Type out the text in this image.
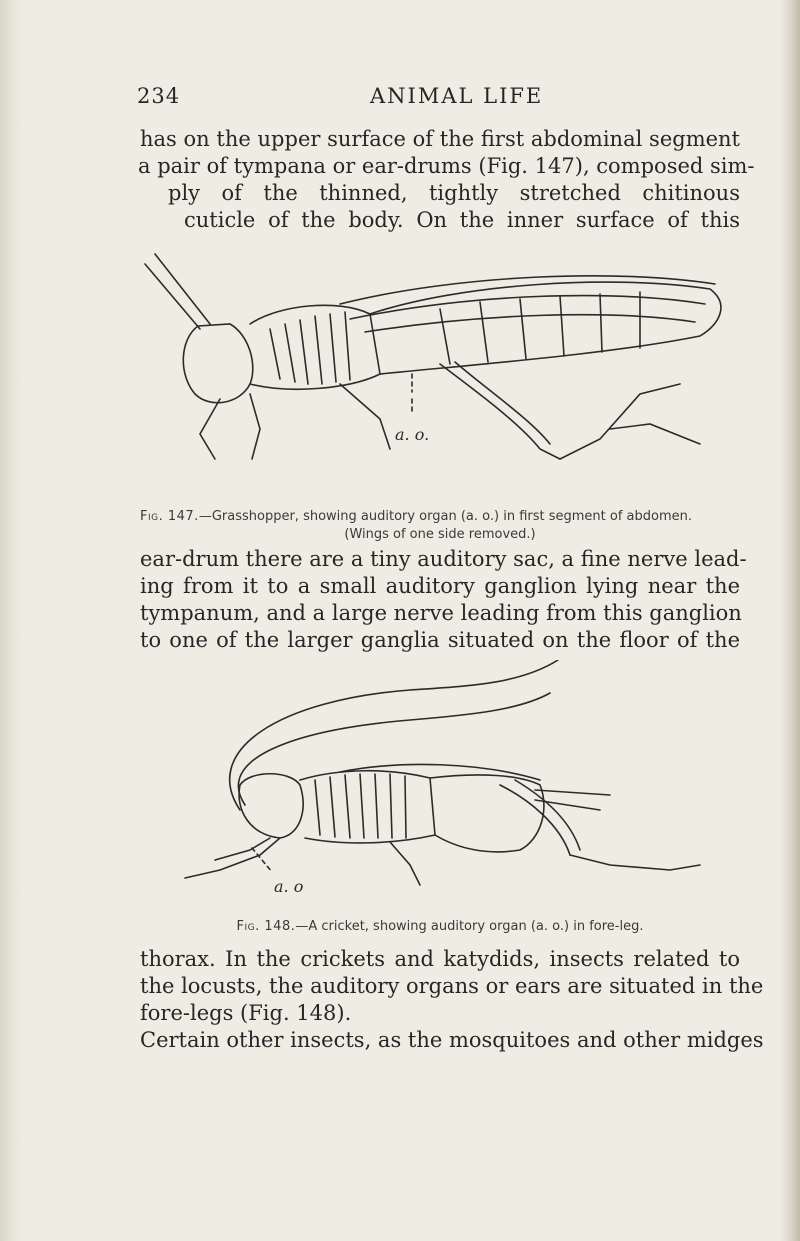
234	ANIMAL LIFE
has on the upper surface of the first abdominal segment
a pair of tympana or ear-drums (Fig. 147), composed sim-
ply of the thinned, tightly stretched chitinous
cuticle of the body. On the inner surface of this
a. o.
Fig. 147.—Grasshopper, showing auditory organ (a. o.) in first segment of abdomen.
(Wings of one side removed.)
ear-drum there are a tiny auditory sac, a fine nerve lead-
ing from it to a small auditory ganglion lying near the
tympanum, and a large nerve leading from this ganglion
to one of the larger ganglia situated on the floor of the
a. o
Fig. 148.—A cricket, showing auditory organ (a. o.) in fore-leg.
thorax. In the crickets and katydids, insects related to
the locusts, the auditory organs or ears are situated in the
fore-legs (Fig. 148).
Certain other insects, as the mosquitoes and other midges
